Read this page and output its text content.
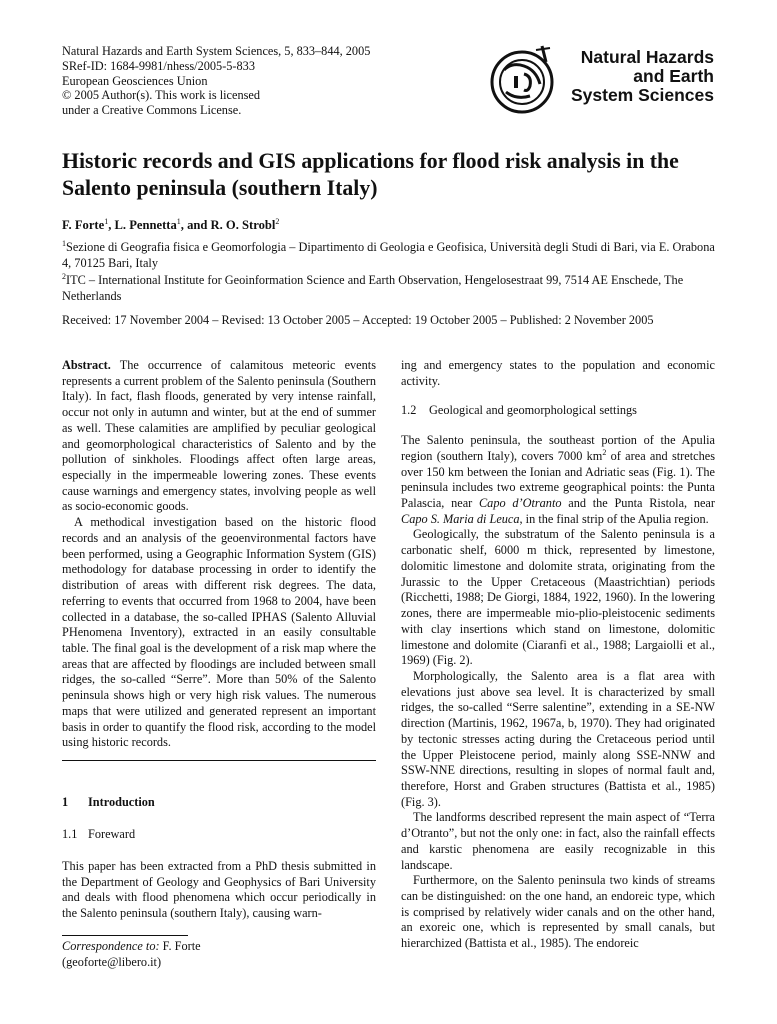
Natural Hazards and Earth System Sciences, 5, 833–844, 2005
SRef-ID: 1684-9981/nhess/2005-5-833
European Geosciences Union
© 2005 Author(s). This work is licensed
under a Creative Commons License.
Natural Hazards
and Earth
System Sciences
Historic records and GIS applications for flood risk analysis in the Salento peninsula (southern Italy)
F. Forte$^1$, L. Pennetta$^1$, and R. O. Strobl$^2$
$^1$Sezione di Geografia fisica e Geomorfologia – Dipartimento di Geologia e Geofisica, Università degli Studi di Bari, via E. Orabona 4, 70125 Bari, Italy
$^2$ITC – International Institute for Geoinformation Science and Earth Observation, Hengelosestraat 99, 7514 AE Enschede, The Netherlands
Received: 17 November 2004 – Revised: 13 October 2005 – Accepted: 19 October 2005 – Published: 2 November 2005

Abstract. The occurrence of calamitous meteoric events represents a current problem of the Salento peninsula (Southern Italy). In fact, flash floods, generated by very intense rainfall, occur not only in autumn and winter, but at the end of summer as well. These calamities are amplified by peculiar geological and geomorphological characteristics of Salento and by the pollution of sinkholes. Floodings affect often large areas, especially in the impermeable lowering zones. These events cause warnings and emergency states, involving people as well as socio-economic goods.

A methodical investigation based on the historic flood records and an analysis of the geoenvironmental factors have been performed, using a Geographic Information System (GIS) methodology for database processing in order to identify the distribution of areas with different risk degrees. The data, referring to events that occurred from 1968 to 2004, have been collected in a database, the so-called IPHAS (Salento Alluvial PHenomena Inventory), extracted in an easily consultable table. The final goal is the development of a risk map where the areas that are affected by floodings are included between small ridges, the so-called “Serre”. More than 50% of the Salento peninsula shows high or very high risk values. The numerous maps that were utilized and generated represent an important basis in order to quantify the flood risk, according to the model using historic records.

1 Introduction
1.1 Foreward

This paper has been extracted from a PhD thesis submitted in the Department of Geology and Geophysics of Bari University and deals with flood phenomena which occur periodically in the Salento peninsula (southern Italy), causing warn-

Correspondence to: F. Forte
(geoforte@libero.it)

ing and emergency states to the population and economic activity.

1.2 Geological and geomorphological settings

The Salento peninsula, the southeast portion of the Apulia region (southern Italy), covers 7000 $km^2$ of area and stretches over 150 km between the Ionian and Adriatic seas (Fig. 1). The peninsula includes two extreme geographical points: the Punta Palascia, near Capo d’Otranto and the Punta Ristola, near Capo S. Maria di Leuca, in the final strip of the Apulia region.

Geologically, the substratum of the Salento peninsula is a carbonatic shelf, 6000 m thick, represented by limestone, dolomitic limestone and dolomite strata, originating from the Jurassic to the Upper Cretaceous (Maastrichtian) periods (Ricchetti, 1988; De Giorgi, 1884, 1922, 1960). In the lowering zones, there are impermeable mio-plio-pleistocenic sediments with clay insertions which stand on limestone, dolomitic limestone and dolomite (Ciaranfi et al., 1988; Largaiolli et al., 1969) (Fig. 2).

Morphologically, the Salento area is a flat area with elevations just above sea level. It is characterized by small ridges, the so-called “Serre salentine”, extending in a SE-NW direction (Martinis, 1962, 1967a, b, 1970). They had originated by tectonic stresses acting during the Cretaceous period until the Upper Pleistocene period, mainly along SSE-NNW and SSW-NNE directions, resulting in slopes of normal fault and, therefore, Horst and Graben structures (Battista et al., 1985) (Fig. 3).

The landforms described represent the main aspect of “Terra d’Otranto”, but not the only one: in fact, also the rainfall effects and karstic phenomena are easily recognizable in this landscape.

Furthermore, on the Salento peninsula two kinds of streams can be distinguished: on the one hand, an endoreic type, which is comprised by relatively wider canals and on the other hand, an exoreic one, which is represented by small canals, but hierarchized (Battista et al., 1985). The endoreic
